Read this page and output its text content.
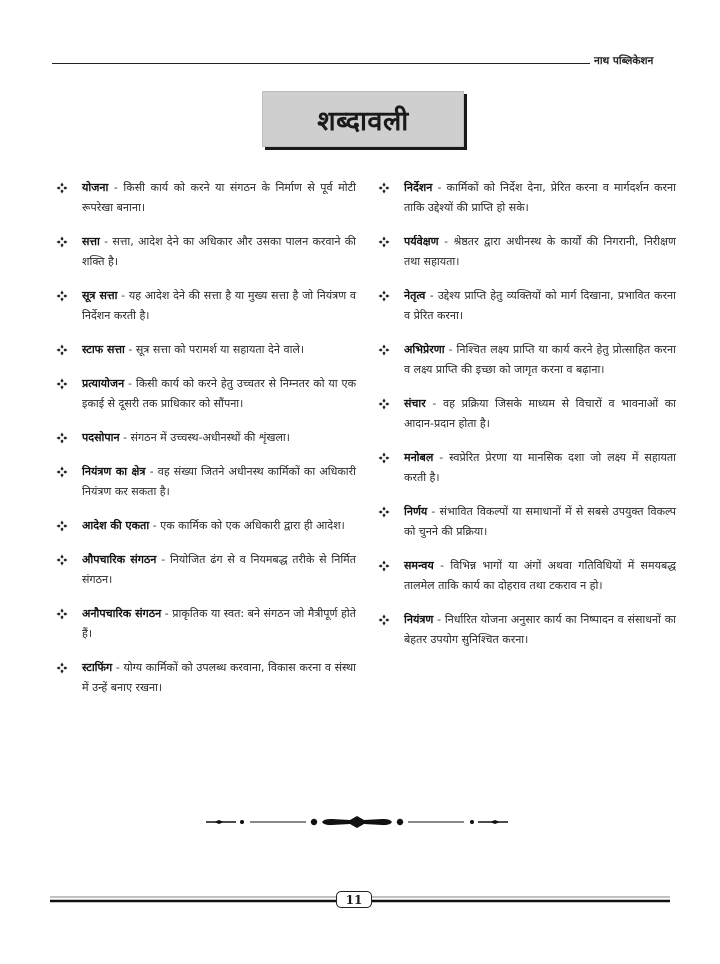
नाथ पब्लिकेशन
शब्दावली
योजना - किसी कार्य को करने या संगठन के निर्माण से पूर्व मोटी रूपरेखा बनाना।
सत्ता - सत्ता, आदेश देने का अधिकार और उसका पालन करवाने की शक्ति है।
सूत्र सत्ता - यह आदेश देने की सत्ता है या मुख्य सत्ता है जो नियंत्रण व निर्देशन करती है।
स्टाफ सत्ता - सूत्र सत्ता को परामर्श या सहायता देने वाले।
प्रत्यायोजन - किसी कार्य को करने हेतु उच्चतर से निम्नतर को या एक इकाई से दूसरी तक प्राधिकार को सौंपना।
पदसोपान - संगठन में उच्चस्थ-अधीनस्थों की शृंखला।
नियंत्रण का क्षेत्र - वह संख्या जितने अधीनस्थ कार्मिकों का अधिकारी नियंत्रण कर सकता है।
आदेश की एकता - एक कार्मिक को एक अधिकारी द्वारा ही आदेश।
औपचारिक संगठन - नियोजित ढंग से व नियमबद्ध तरीके से निर्मित संगठन।
अनौपचारिक संगठन - प्राकृतिक या स्वत: बने संगठन जो मैत्रीपूर्ण होते हैं।
स्टाफिंग - योग्य कार्मिकों को उपलब्ध करवाना, विकास करना व संस्था में उन्हें बनाए रखना।
निर्देशन - कार्मिकों को निर्देश देना, प्रेरित करना व मार्गदर्शन करना ताकि उद्देश्यों की प्राप्ति हो सके।
पर्यवेक्षण - श्रेष्ठतर द्वारा अधीनस्थ के कार्यों की निगरानी, निरीक्षण तथा सहायता।
नेतृत्व - उद्देश्य प्राप्ति हेतु व्यक्तियों को मार्ग दिखाना, प्रभावित करना व प्रेरित करना।
अभिप्रेरणा - निश्चित लक्ष्य प्राप्ति या कार्य करने हेतु प्रोत्साहित करना व लक्ष्य प्राप्ति की इच्छा को जागृत करना व बढ़ाना।
संचार - वह प्रक्रिया जिसके माध्यम से विचारों व भावनाओं का आदान-प्रदान होता है।
मनोबल - स्वप्रेरित प्रेरणा या मानसिक दशा जो लक्ष्य में सहायता करती है।
निर्णय - संभावित विकल्पों या समाधानों में से सबसे उपयुक्त विकल्प को चुनने की प्रक्रिया।
समन्वय - विभिन्न भागों या अंगों अथवा गतिविधियों में समयबद्ध तालमेल ताकि कार्य का दोहराव तथा टकराव न हो।
नियंत्रण - निर्धारित योजना अनुसार कार्य का निष्पादन व संसाधनों का बेहतर उपयोग सुनिश्चित करना।
11
